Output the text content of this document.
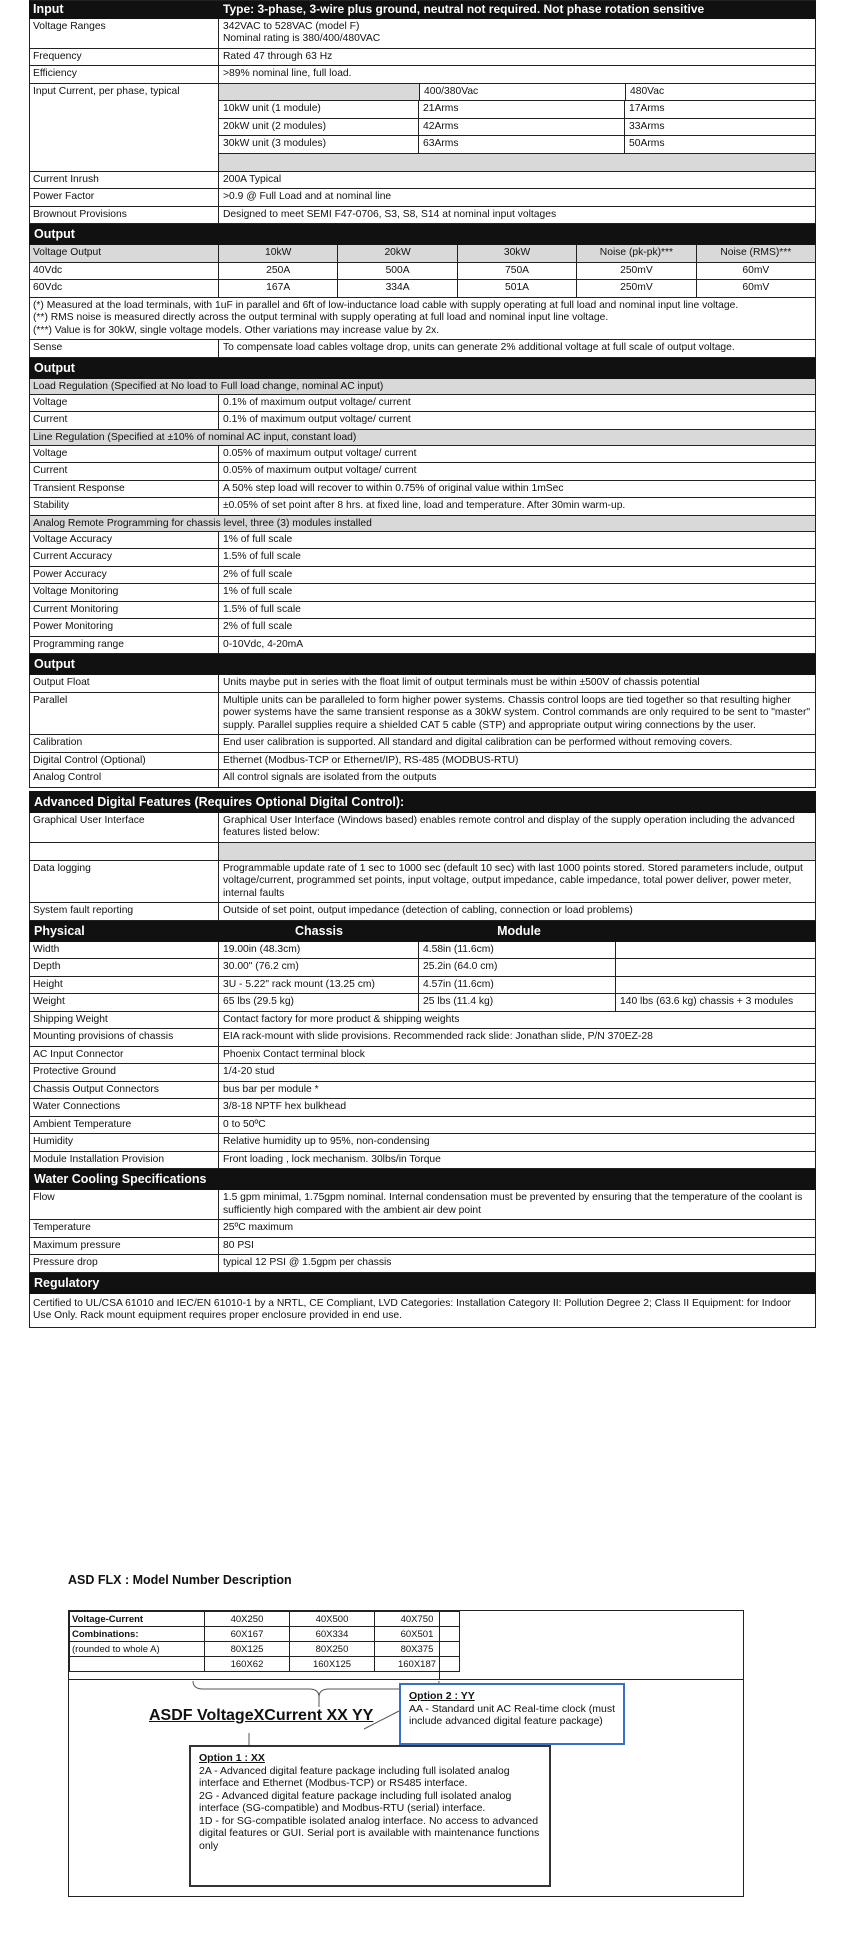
Input	Type: 3-phase, 3-wire plus ground, neutral not required. Not phase rotation sensitive
Voltage Ranges	342VAC to 528VAC (model F)
Nominal rating is 380/400/480VAC
Frequency	Rated 47 through 63 Hz
Efficiency	>89% nominal line, full load.
Input Current, per phase, typical
	400/380Vac	480Vac
10kW unit (1 module)	21Arms	17Arms
20kW unit (2 modules)	42Arms	33Arms
30kW unit (3 modules)	63Arms	50Arms
Current Inrush	200A Typical
Power Factor	>0.9 @ Full Load and at nominal line
Brownout Provisions	Designed to meet SEMI F47-0706, S3, S8, S14 at nominal input voltages
Output
Voltage Output	10kW	20kW	30kW	Noise (pk-pk)***	Noise (RMS)***
40Vdc	250A	500A	750A	250mV	60mV
60Vdc	167A	334A	501A	250mV	60mV
(*) Measured at the load terminals, with 1uF in parallel and 6ft of low-inductance load cable with supply operating at full load and nominal input line voltage.
(**) RMS noise is measured directly across the output terminal with supply operating at full load and nominal input line voltage.
(***) Value is for 30kW, single voltage models. Other variations may increase value by 2x.
Sense	To compensate load cables voltage drop, units can generate 2% additional voltage at full scale of output voltage.
Output
Load Regulation (Specified at No load to Full load change, nominal AC input)
Voltage	0.1% of maximum output voltage/ current
Current	0.1% of maximum output voltage/ current
Line Regulation (Specified at ±10% of nominal AC input, constant load)
Voltage	0.05% of maximum output voltage/ current
Current	0.05% of maximum output voltage/ current
Transient Response	A 50% step load will recover to within 0.75% of original value within 1mSec
Stability	±0.05% of set point after 8 hrs. at fixed line, load and temperature. After 30min warm-up.
Analog Remote Programming for chassis level, three (3) modules installed
Voltage Accuracy	1% of full scale
Current Accuracy	1.5% of full scale
Power Accuracy	2% of full scale
Voltage Monitoring	1% of full scale
Current Monitoring	1.5% of full scale
Power Monitoring	2% of full scale
Programming range	0-10Vdc, 4-20mA
Output
Output Float	Units maybe put in series with the float limit of output terminals must be within ±500V of chassis potential
Parallel	Multiple units can be paralleled to form higher power systems. Chassis control loops are tied together so that resulting higher power systems have the same transient response as a 30kW system. Control commands are only required to be sent to "master" supply. Parallel supplies require a shielded CAT 5 cable (STP) and appropriate output wiring connections by the user.
Calibration	End user calibration is supported. All standard and digital calibration can be performed without removing covers.
Digital Control (Optional)	Ethernet (Modbus-TCP or Ethernet/IP), RS-485 (MODBUS-RTU)
Analog Control	All control signals are isolated from the outputs
Advanced Digital Features (Requires Optional Digital Control):
Graphical User Interface	Graphical User Interface (Windows based) enables remote control and display of the supply operation including the advanced features listed below:
Data logging	Programmable update rate of 1 sec to 1000 sec (default 10 sec) with last 1000 points stored. Stored parameters include, output voltage/current, programmed set points, input voltage, output impedance, cable impedance, total power deliver, power meter, internal faults
System fault reporting	Outside of set point, output impedance (detection of cabling, connection or load problems)
Physical	Chassis	Module
Width	19.00in (48.3cm)	4.58in (11.6cm)
Depth	30.00" (76.2 cm)	25.2in (64.0 cm)
Height	3U - 5.22" rack mount (13.25 cm)	4.57in (11.6cm)
Weight	65 lbs (29.5 kg)	25 lbs (11.4 kg)	140 lbs (63.6 kg) chassis + 3 modules
Shipping Weight	Contact factory for more product & shipping weights
Mounting provisions of chassis	EIA rack-mount with slide provisions. Recommended rack slide: Jonathan slide, P/N 370EZ-28
AC Input Connector	Phoenix Contact terminal block
Protective Ground	1/4-20 stud
Chassis Output Connectors	bus bar per module *
Water Connections	3/8-18 NPTF hex bulkhead
Ambient Temperature	0 to 50ºC
Humidity	Relative humidity up to 95%, non-condensing
Module Installation Provision	Front loading , lock mechanism. 30lbs/in Torque
Water Cooling Specifications
Flow	1.5 gpm minimal, 1.75gpm nominal. Internal condensation must be prevented by ensuring that the temperature of the coolant is sufficiently high compared with the ambient air dew point
Temperature	25ºC maximum
Maximum pressure	80 PSI
Pressure drop	typical 12 PSI @ 1.5gpm per chassis
Regulatory
Certified to UL/CSA 61010 and IEC/EN 61010-1 by a NRTL, CE Compliant, LVD Categories: Installation Category II: Pollution Degree 2; Class II Equipment: for Indoor Use Only. Rack mount equipment requires proper enclosure provided in end use.
ASD FLX : Model Number Description
Voltage-Current	40X250	40X500	40X750
Combinations:	60X167	60X334	60X501
(rounded to whole A)	80X125	80X250	80X375
	160X62	160X125	160X187
ASDF VoltageXCurrent XX YY
Option 2 : YY
AA - Standard unit AC Real-time clock (must include advanced digital feature package)
Option 1 : XX
2A - Advanced digital feature package including full isolated analog interface and Ethernet (Modbus-TCP) or RS485 interface.
2G - Advanced digital feature package including full isolated analog interface (SG-compatible) and Modbus-RTU (serial) interface.
1D - for SG-compatible isolated analog interface. No access to advanced digital features or GUI. Serial port is available with maintenance functions only
